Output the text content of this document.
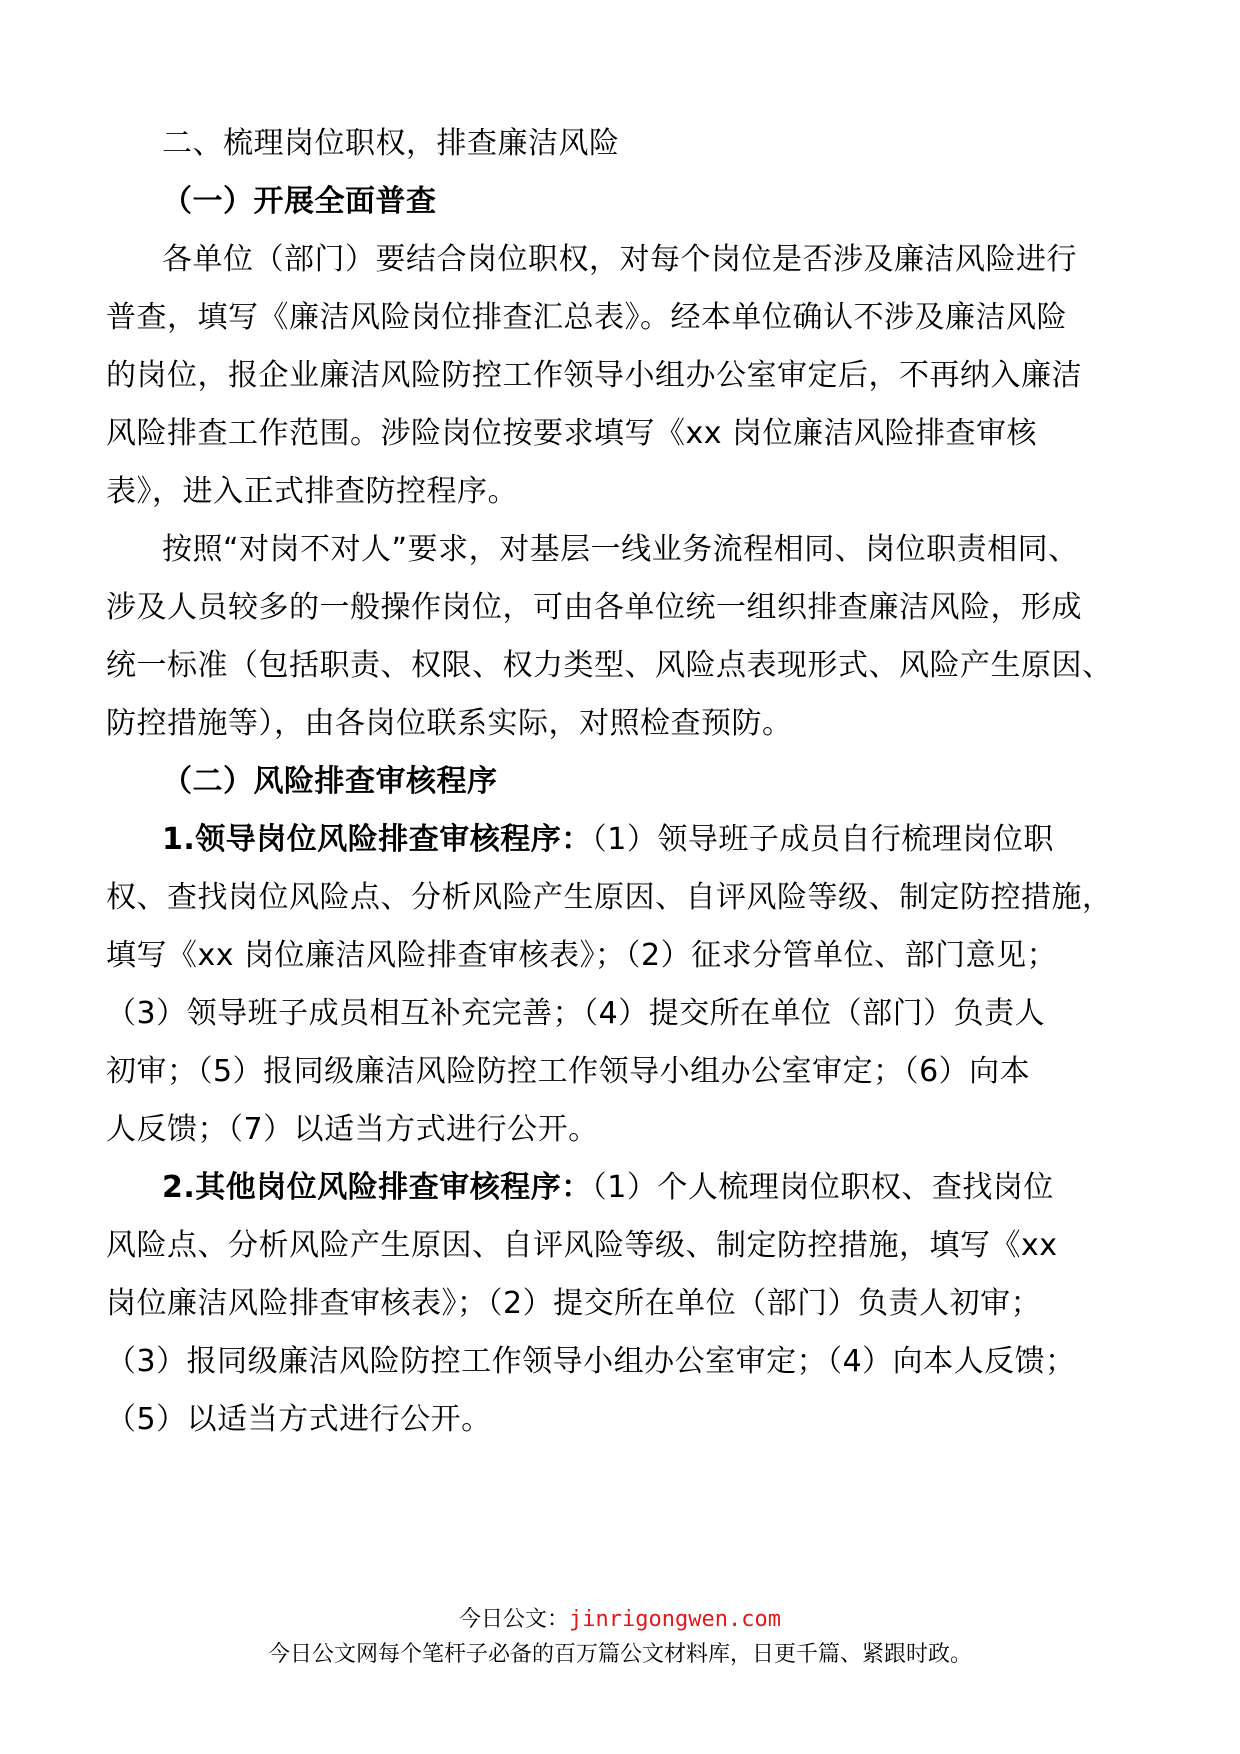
二、梳理岗位职权，排查廉洁风险
（一）开展全面普查
各单位（部门）要结合岗位职权，对每个岗位是否涉及廉洁风险进行
普查，填写《廉洁风险岗位排查汇总表》。经本单位确认不涉及廉洁风险
的岗位，报企业廉洁风险防控工作领导小组办公室审定后，不再纳入廉洁
风险排查工作范围。涉险岗位按要求填写《xx 岗位廉洁风险排查审核
表》，进入正式排查防控程序。
按照“对岗不对人”要求，对基层一线业务流程相同、岗位职责相同、
涉及人员较多的一般操作岗位，可由各单位统一组织排查廉洁风险，形成
统一标准（包括职责、权限、权力类型、风险点表现形式、风险产生原因、
防控措施等），由各岗位联系实际，对照检查预防。
（二）风险排查审核程序
1.领导岗位风险排查审核程序：（1）领导班子成员自行梳理岗位职
权、查找岗位风险点、分析风险产生原因、自评风险等级、制定防控措施，
填写《xx 岗位廉洁风险排查审核表》；（2）征求分管单位、部门意见；
（3）领导班子成员相互补充完善；（4）提交所在单位（部门）负责人
初审；（5）报同级廉洁风险防控工作领导小组办公室审定；（6）向本
人反馈；（7）以适当方式进行公开。
2.其他岗位风险排查审核程序：（1）个人梳理岗位职权、查找岗位
风险点、分析风险产生原因、自评风险等级、制定防控措施，填写《xx
岗位廉洁风险排查审核表》；（2）提交所在单位（部门）负责人初审；
（3）报同级廉洁风险防控工作领导小组办公室审定；（4）向本人反馈；
（5）以适当方式进行公开。
今日公文：jinrigongwen.com
今日公文网每个笔杆子必备的百万篇公文材料库，日更千篇、紧跟时政。
